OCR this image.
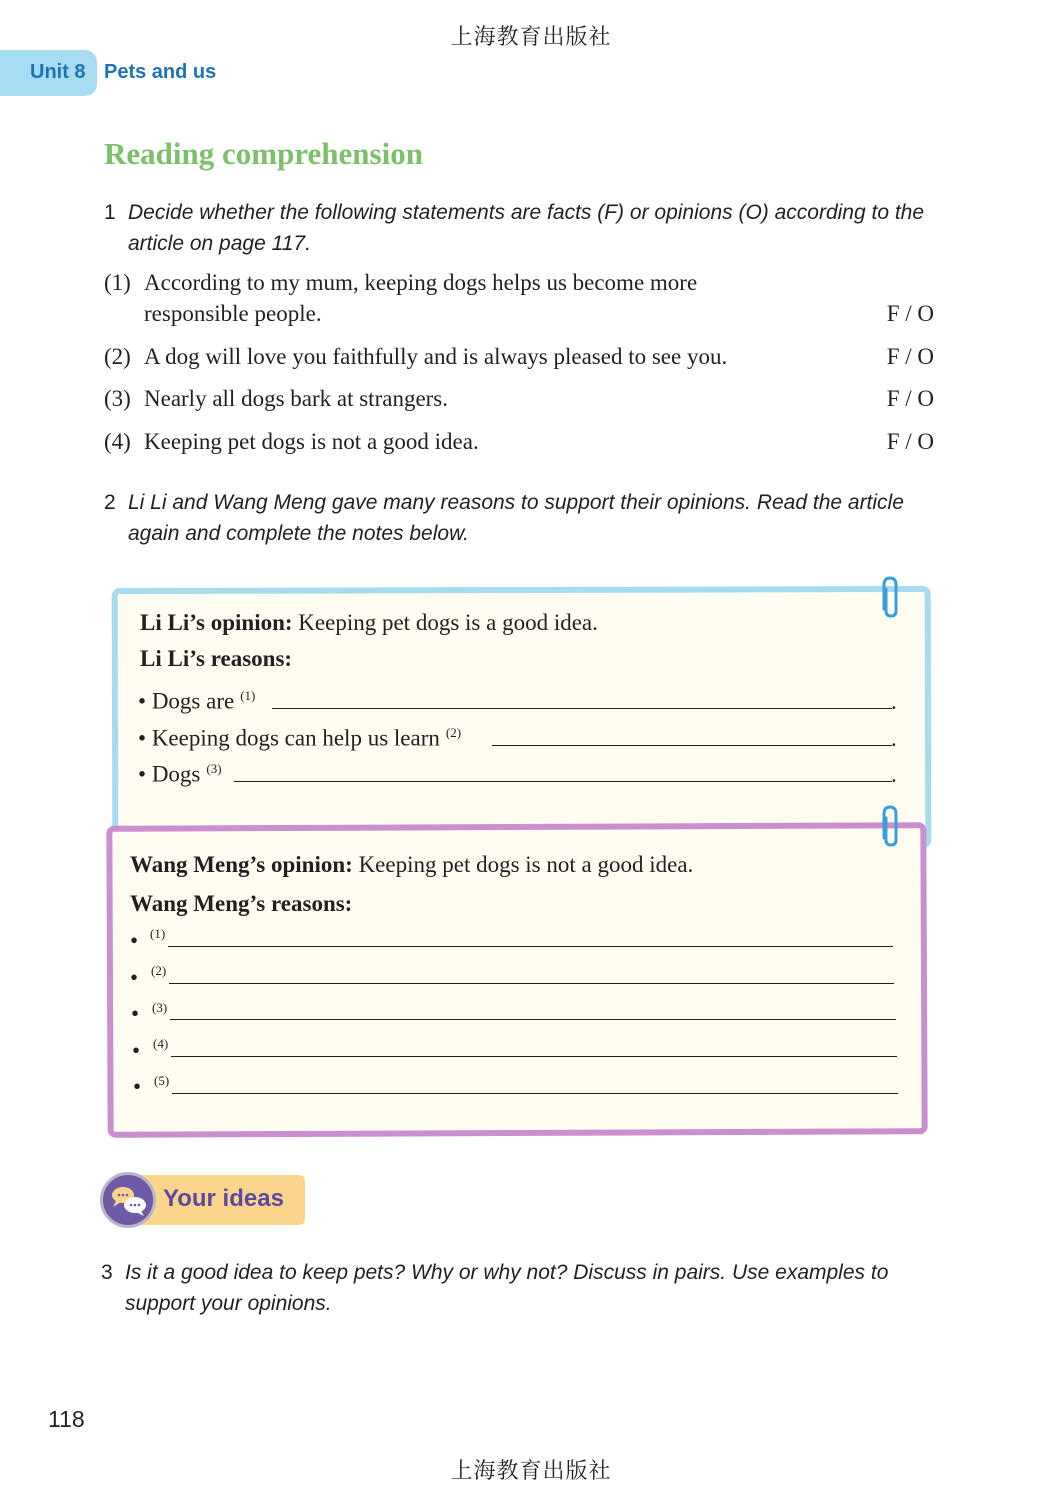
上海教育出版社
Unit 8 Pets and us
Reading comprehension
1 Decide whether the following statements are facts (F) or opinions (O) according to the article on page 117.
(1) According to my mum, keeping dogs helps us become more responsible people.	F / O
(2) A dog will love you faithfully and is always pleased to see you.	F / O
(3) Nearly all dogs bark at strangers.	F / O
(4) Keeping pet dogs is not a good idea.	F / O
2 Li Li and Wang Meng gave many reasons to support their opinions. Read the article again and complete the notes below.
Li Li’s opinion: Keeping pet dogs is a good idea.
Li Li’s reasons:
• Dogs are $^{(1)}$	.
• Keeping dogs can help us learn $^{(2)}$	.
• Dogs $^{(3)}$	.
Wang Meng’s opinion: Keeping pet dogs is not a good idea.
Wang Meng’s reasons:
• (1)
• (2)
• (3)
• (4)
• (5)
Your ideas
3 Is it a good idea to keep pets? Why or why not? Discuss in pairs. Use examples to support your opinions.
118
上海教育出版社
